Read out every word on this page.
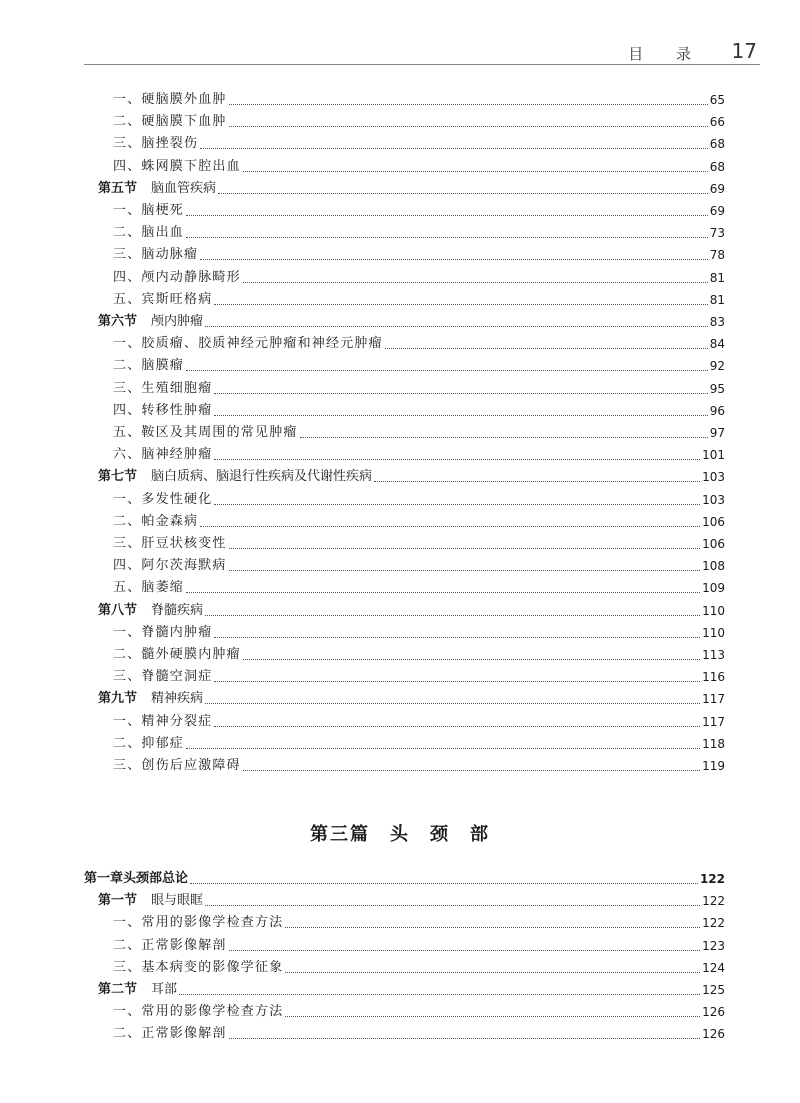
目 录 17
一、硬脑膜外血肿	65
二、硬脑膜下血肿	66
三、脑挫裂伤	68
四、蛛网膜下腔出血	68
第五节 脑血管疾病	69
一、脑梗死	69
二、脑出血	73
三、脑动脉瘤	78
四、颅内动静脉畸形	81
五、宾斯旺格病	81
第六节 颅内肿瘤	83
一、胶质瘤、胶质神经元肿瘤和神经元肿瘤	84
二、脑膜瘤	92
三、生殖细胞瘤	95
四、转移性肿瘤	96
五、鞍区及其周围的常见肿瘤	97
六、脑神经肿瘤	101
第七节 脑白质病、脑退行性疾病及代谢性疾病	103
一、多发性硬化	103
二、帕金森病	106
三、肝豆状核变性	106
四、阿尔茨海默病	108
五、脑萎缩	109
第八节 脊髓疾病	110
一、脊髓内肿瘤	110
二、髓外硬膜内肿瘤	113
三、脊髓空洞症	116
第九节 精神疾病	117
一、精神分裂症	117
二、抑郁症	118
三、创伤后应激障碍	119
第一章头颈部总论	122
第一节 眼与眼眶	122
一、常用的影像学检查方法	122
二、正常影像解剖	123
三、基本病变的影像学征象	124
第二节 耳部	125
一、常用的影像学检查方法	126
二、正常影像解剖	126
第三篇　头　颈　部
